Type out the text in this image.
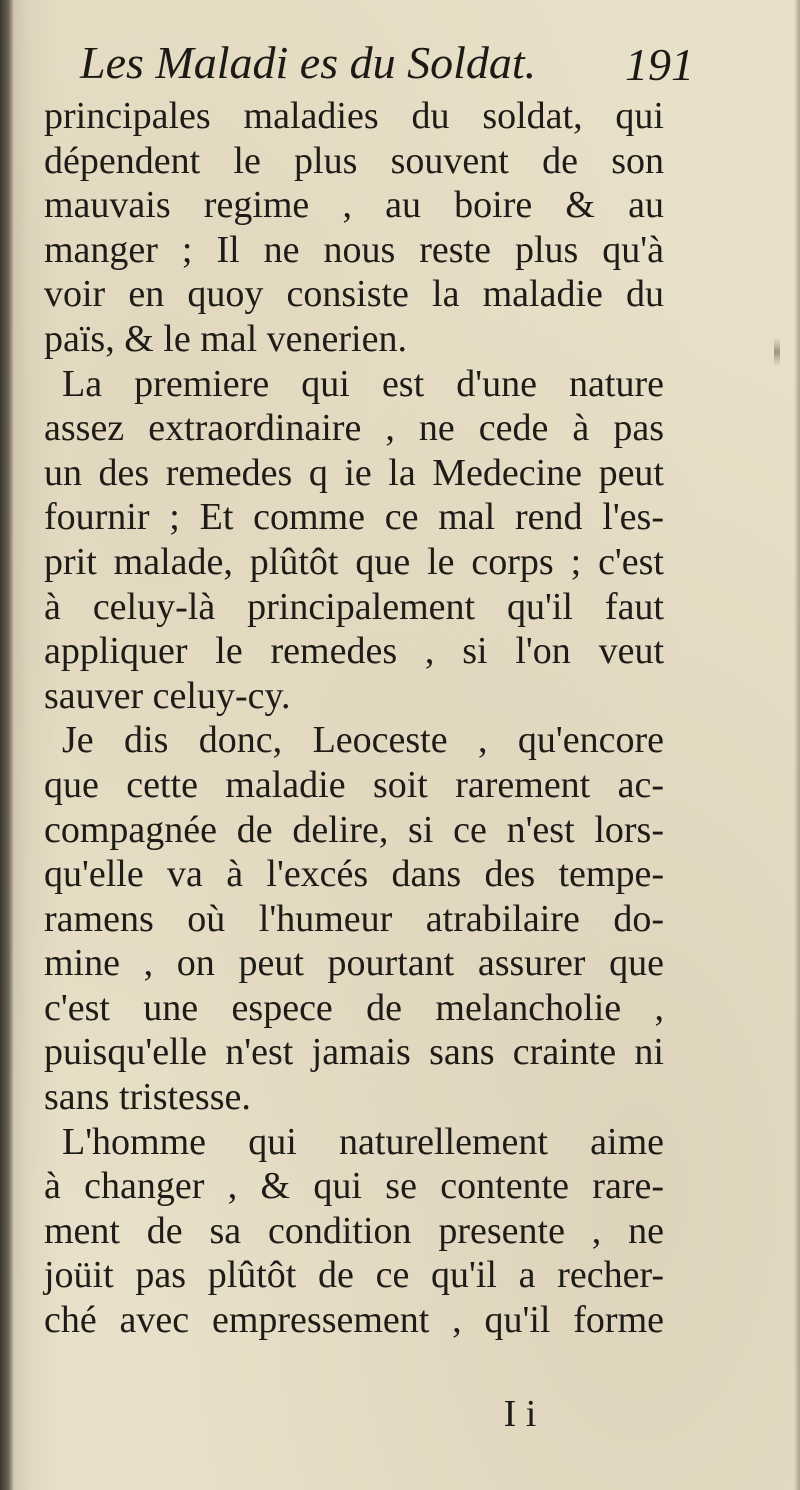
Les Maladi es du Soldat. 191
principales maladies du soldat, qui
dépendent le plus souvent de son
mauvais regime , au boire & au
manger ; Il ne nous reste plus qu'à
voir en quoy consiste la maladie du
païs, & le mal venerien.
La premiere qui est d'une nature
assez extraordinaire , ne cede à pas
un des remedes q ie la Medecine peut
fournir ; Et comme ce mal rend l'es-
prit malade, plûtôt que le corps ; c'est
à celuy-là principalement qu'il faut
appliquer le remedes , si l'on veut
sauver celuy-cy.
Je dis donc, Leoceste , qu'encore
que cette maladie soit rarement ac-
compagnée de delire, si ce n'est lors-
qu'elle va à l'excés dans des tempe-
ramens où l'humeur atrabilaire do-
mine , on peut pourtant assurer que
c'est une espece de melancholie ,
puisqu'elle n'est jamais sans crainte ni
sans tristesse.
L'homme qui naturellement aime
à changer , & qui se contente rare-
ment de sa condition presente , ne
joüit pas plûtôt de ce qu'il a recher-
ché avec empressement , qu'il forme
I i
